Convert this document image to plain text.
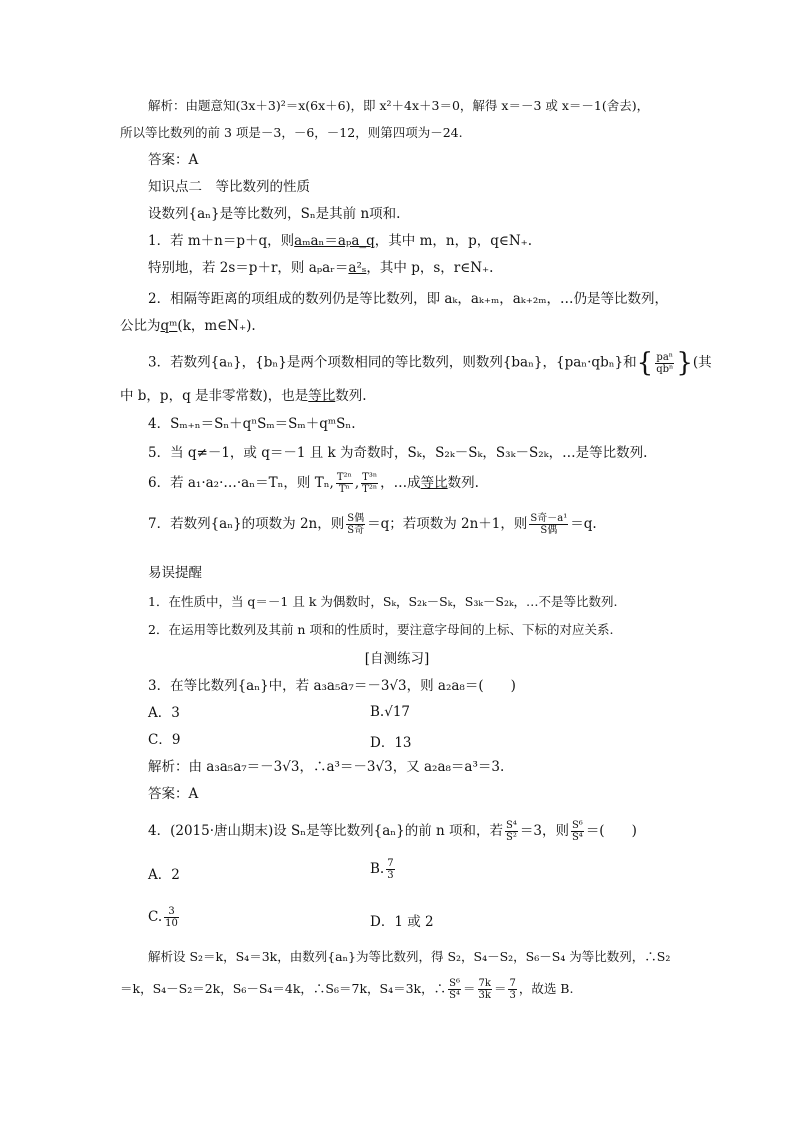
解析：由题意知(3x＋3)²＝x(6x＋6)，即 x²＋4x＋3＝0，解得 x＝－3 或 x＝－1(舍去)，
所以等比数列的前 3 项是－3，－6，－12，则第四项为－24.
答案：A
知识点二　等比数列的性质
设数列{aₙ}是等比数列，Sₙ是其前 n项和.
1．若 m＋n＝p＋q，则aₘaₙ＝aₚa_q，其中 m，n，p，q∈N₊.
特别地，若 2s＝p＋r，则 aₚaᵣ＝a²ₛ，其中 p，s，r∈N₊.
2．相隔等距离的项组成的数列仍是等比数列，即 aₖ，aₖ₊ₘ，aₖ₊₂ₘ，…仍是等比数列，
公比为qᵐ(k，m∈N₊).
3．若数列{aₙ}，{bₙ}是两个项数相同的等比数列，则数列{baₙ}，{paₙ·qbₙ}和{ $\frac{\text{paⁿ}}{\text{qbⁿ}}$ }(其
中 b，p，q 是非零常数)，也是等比数列.
4．Sₘ₊ₙ＝Sₙ＋qⁿSₘ＝Sₘ＋qᵐSₙ.
5．当 q≠－1，或 q＝－1 且 k 为奇数时，Sₖ，S₂ₖ－Sₖ，S₃ₖ－S₂ₖ，…是等比数列.
6．若 a₁·a₂·…·aₙ＝Tₙ，则 Tₙ, $\frac{\text{T²ⁿ}}{\text{Tⁿ}}$ , $\frac{\text{T³ⁿ}}{\text{T²ⁿ}}$ ，…成等比数列.
7．若数列{aₙ}的项数为 2n，则 $\frac{\text{S偶}}{\text{S奇}} =q$；若项数为 2n＋1，则 $\frac{\text{S奇－a¹}}{\text{S偶}} =q$.
易误提醒
1．在性质中，当 q＝－1 且 k 为偶数时，Sₖ，S₂ₖ－Sₖ，S₃ₖ－S₂ₖ，…不是等比数列.
2．在运用等比数列及其前 n 项和的性质时，要注意字母间的上标、下标的对应关系.
[自测练习]
3．在等比数列{aₙ}中，若 a₃a₅a₇＝－3√3，则 a₂a₈＝(　　)
A．3	B.√17
C．9	D．13
解析：由 a₃a₅a₇＝－3√3，∴a³＝－3√3，又 a₂a₈＝a³＝3.
答案：A
4．(2015·唐山期末)设 Sₙ是等比数列{aₙ}的前 n 项和，若 $\frac{\text{S⁴}}{\text{S²}} =3$，则 $\frac{\text{S⁶}}{\text{S⁴}}$ ＝(　　)
A．2	B. $\frac{7}{3}$
C. $\frac{3}{10}$	D．1 或 2
解析设 S₂＝k，S₄＝3k，由数列{aₙ}为等比数列，得 S₂，S₄－S₂，S₆－S₄ 为等比数列，∴S₂
＝k，S₄－S₂＝2k，S₆－S₄＝4k，∴S₆＝7k，S₄＝3k，∴ $\frac{\text{S⁶}}{\text{S⁴}} = \frac{7k}{3k} = \frac{7}{3}$ ，故选 B.
